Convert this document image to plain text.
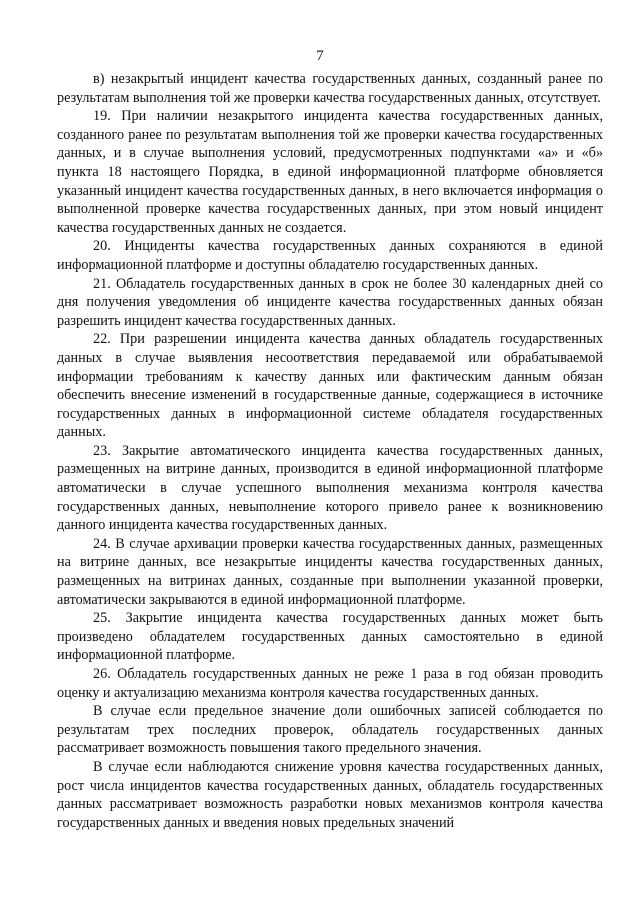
7

в) незакрытый инцидент качества государственных данных, созданный ранее по результатам выполнения той же проверки качества государственных данных, отсутствует.

19. При наличии незакрытого инцидента качества государственных данных, созданного ранее по результатам выполнения той же проверки качества государственных данных, и в случае выполнения условий, предусмотренных подпунктами «а» и «б» пункта 18 настоящего Порядка, в единой информационной платформе обновляется указанный инцидент качества государственных данных, в него включается информация о выполненной проверке качества государственных данных, при этом новый инцидент качества государственных данных не создается.

20. Инциденты качества государственных данных сохраняются в единой информационной платформе и доступны обладателю государственных данных.

21. Обладатель государственных данных в срок не более 30 календарных дней со дня получения уведомления об инциденте качества государственных данных обязан разрешить инцидент качества государственных данных.

22. При разрешении инцидента качества данных обладатель государственных данных в случае выявления несоответствия передаваемой или обрабатываемой информации требованиям к качеству данных или фактическим данным обязан обеспечить внесение изменений в государственные данные, содержащиеся в источнике государственных данных в информационной системе обладателя государственных данных.

23. Закрытие автоматического инцидента качества государственных данных, размещенных на витрине данных, производится в единой информационной платформе автоматически в случае успешного выполнения механизма контроля качества государственных данных, невыполнение которого привело ранее к возникновению данного инцидента качества государственных данных.

24. В случае архивации проверки качества государственных данных, размещенных на витрине данных, все незакрытые инциденты качества государственных данных, размещенных на витринах данных, созданные при выполнении указанной проверки, автоматически закрываются в единой информационной платформе.

25. Закрытие инцидента качества государственных данных может быть произведено обладателем государственных данных самостоятельно в единой информационной платформе.

26. Обладатель государственных данных не реже 1 раза в год обязан проводить оценку и актуализацию механизма контроля качества государственных данных.

В случае если предельное значение доли ошибочных записей соблюдается по результатам трех последних проверок, обладатель государственных данных рассматривает возможность повышения такого предельного значения.

В случае если наблюдаются снижение уровня качества государственных данных, рост числа инцидентов качества государственных данных, обладатель государственных данных рассматривает возможность разработки новых механизмов контроля качества государственных данных и введения новых предельных значений
